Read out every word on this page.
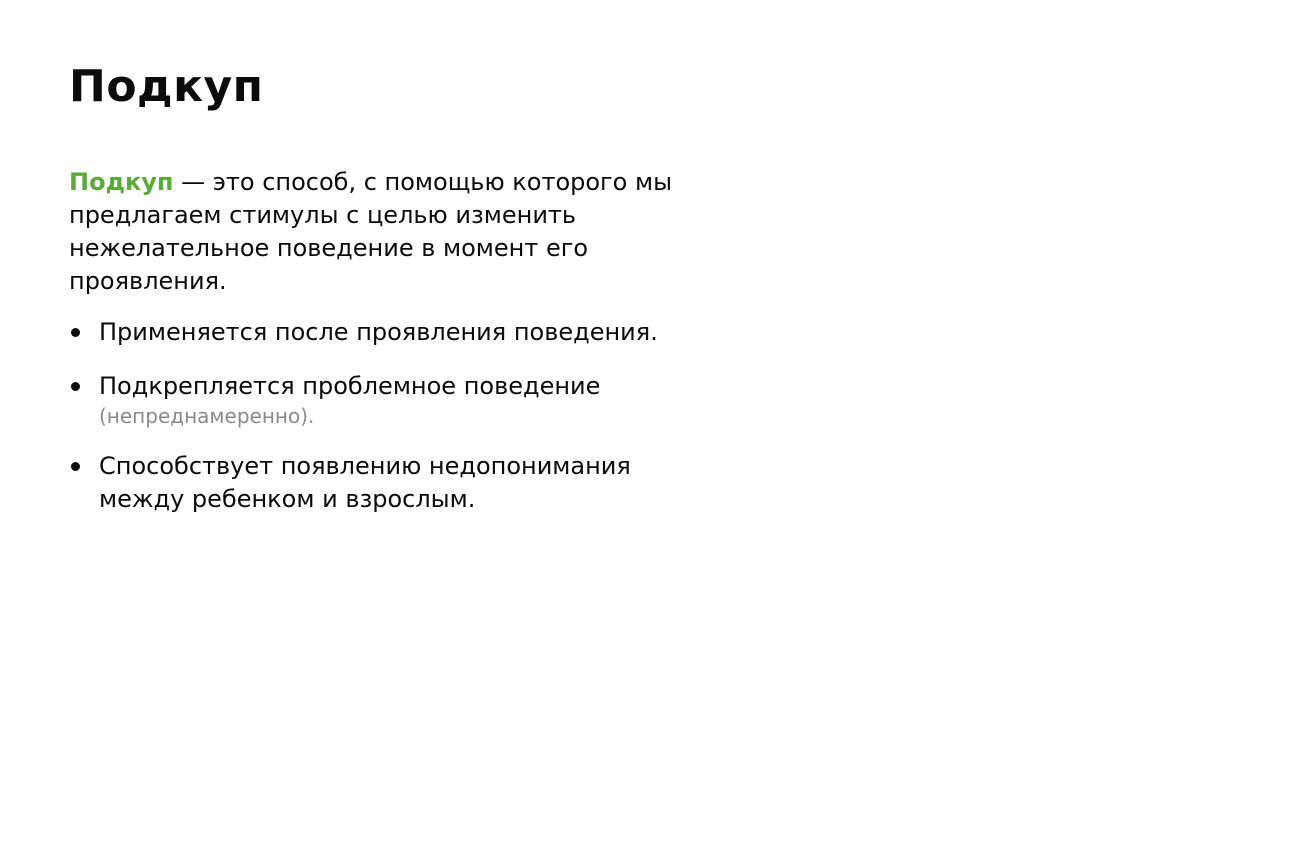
Подкуп

Подкуп — это способ, с помощью которого мы предлагаем стимулы с целью изменить нежелательное поведение в момент его проявления.

Применяется после проявления поведения.
Подкрепляется проблемное поведение
(непреднамеренно).
Способствует появлению недопонимания между ребенком и взрослым.
